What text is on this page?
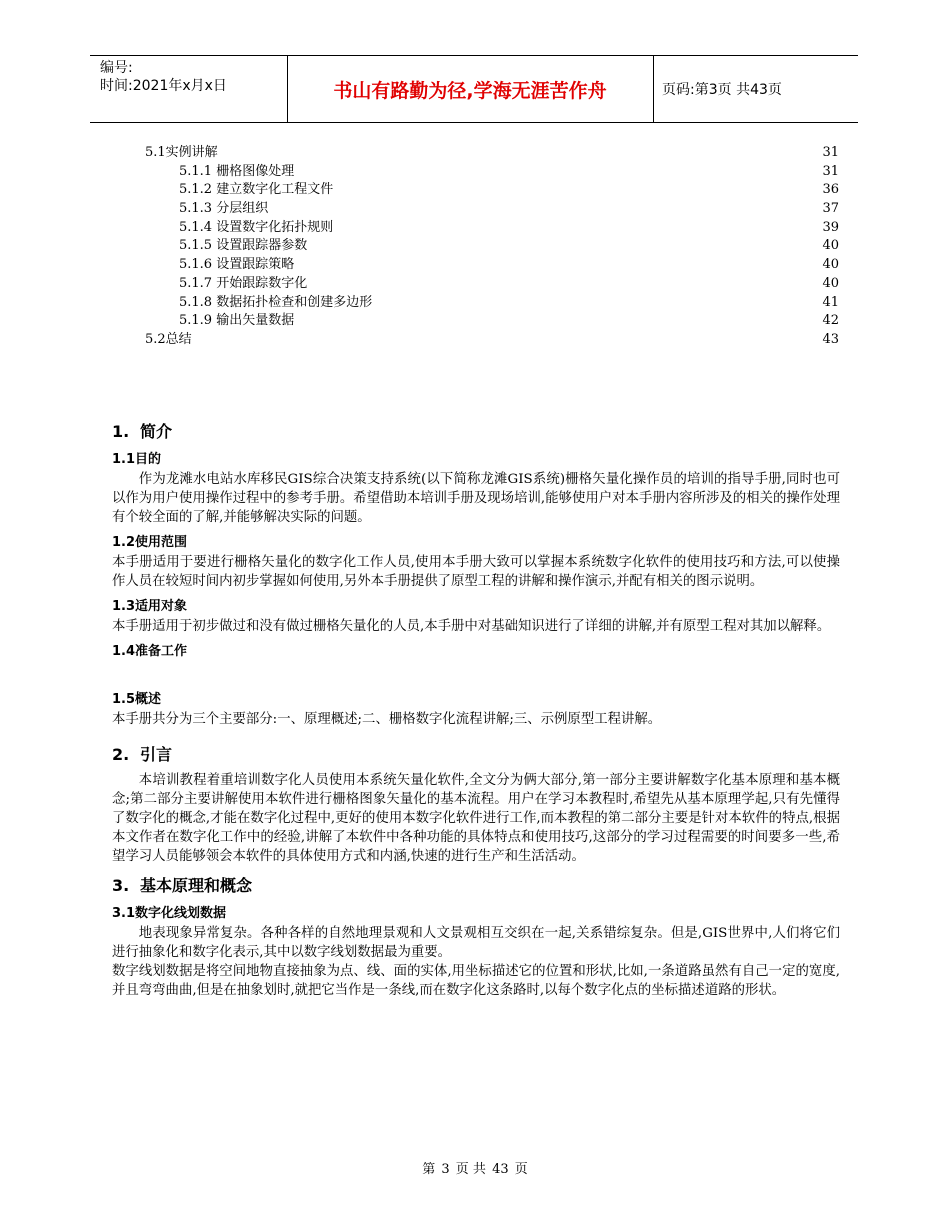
编号:
时间:2021年x月x日	书山有路勤为径,学海无涯苦作舟	页码:第3页 共43页
5.1实例讲解	31
5.1.1 栅格图像处理	31
5.1.2 建立数字化工程文件	36
5.1.3 分层组织	37
5.1.4 设置数字化拓扑规则	39
5.1.5 设置跟踪器参数	40
5.1.6 设置跟踪策略	40
5.1.7 开始跟踪数字化	40
5.1.8 数据拓扑检查和创建多边形	41
5.1.9 输出矢量数据	42
5.2总结	43
1. 简介
1.1目的

作为龙滩水电站水库移民GIS综合决策支持系统(以下简称龙滩GIS系统)栅格矢量化操作员的培训的指导手册,同时也可以作为用户使用操作过程中的参考手册。希望借助本培训手册及现场培训,能够使用户对本手册内容所涉及的相关的操作处理有个较全面的了解,并能够解决实际的问题。

1.2使用范围

本手册适用于要进行栅格矢量化的数字化工作人员,使用本手册大致可以掌握本系统数字化软件的使用技巧和方法,可以使操作人员在较短时间内初步掌握如何使用,另外本手册提供了原型工程的讲解和操作演示,并配有相关的图示说明。

1.3适用对象

本手册适用于初步做过和没有做过栅格矢量化的人员,本手册中对基础知识进行了详细的讲解,并有原型工程对其加以解释。

1.4准备工作
1.5概述

本手册共分为三个主要部分:一、原理概述;二、栅格数字化流程讲解;三、示例原型工程讲解。

2. 引言

本培训教程着重培训数字化人员使用本系统矢量化软件,全文分为俩大部分,第一部分主要讲解数字化基本原理和基本概念;第二部分主要讲解使用本软件进行栅格图象矢量化的基本流程。用户在学习本教程时,希望先从基本原理学起,只有先懂得了数字化的概念,才能在数字化过程中,更好的使用本数字化软件进行工作,而本教程的第二部分主要是针对本软件的特点,根据本文作者在数字化工作中的经验,讲解了本软件中各种功能的具体特点和使用技巧,这部分的学习过程需要的时间要多一些,希望学习人员能够领会本软件的具体使用方式和内涵,快速的进行生产和生活活动。

3. 基本原理和概念
3.1数字化线划数据

地表现象异常复杂。各种各样的自然地理景观和人文景观相互交织在一起,关系错综复杂。但是,GIS世界中,人们将它们进行抽象化和数字化表示,其中以数字线划数据最为重要。

数字线划数据是将空间地物直接抽象为点、线、面的实体,用坐标描述它的位置和形状,比如,一条道路虽然有自己一定的宽度,并且弯弯曲曲,但是在抽象划时,就把它当作是一条线,而在数字化这条路时,以每个数字化点的坐标描述道路的形状。

第 3 页 共 43 页
